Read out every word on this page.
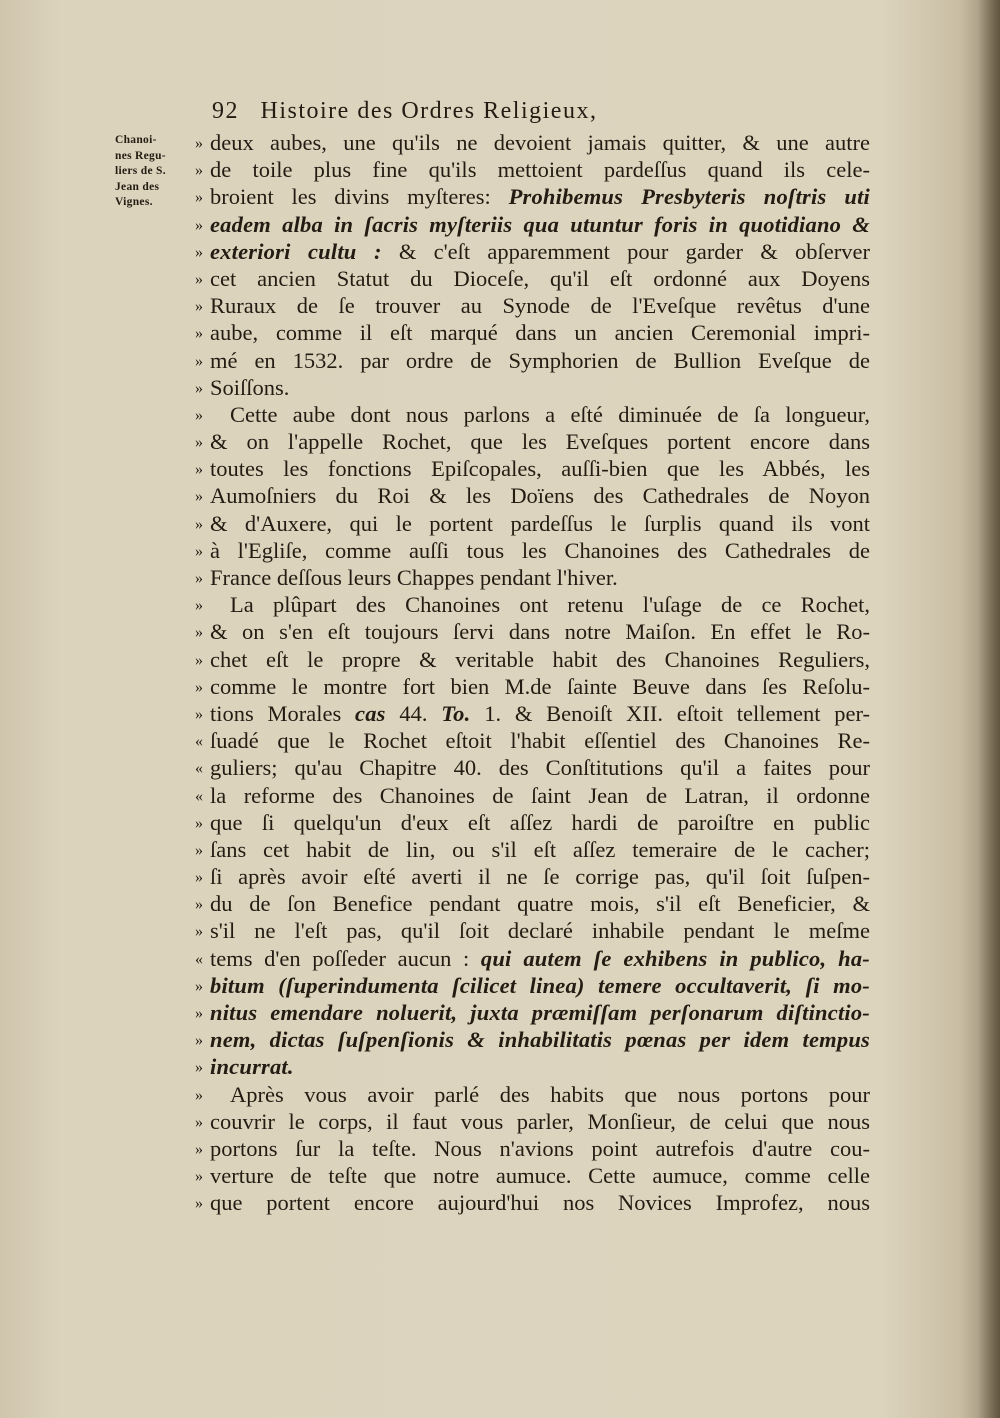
92 Histoire des Ordres Religieux,
Chanoi-
nes Regu-
liers de S.
Jean des
Vignes.
» deux aubes, une qu'ils ne devoient jamais quitter, & une autre
» de toile plus fine qu'ils mettoient pardeſſus quand ils cele-
» broient les divins myſteres: Prohibemus Presbyteris noſtris uti
» eadem alba in ſacris myſteriis qua utuntur foris in quotidiano &
» exteriori cultu : & c'eſt apparemment pour garder & obſerver
» cet ancien Statut du Dioceſe, qu'il eſt ordonné aux Doyens
» Ruraux de ſe trouver au Synode de l'Eveſque revêtus d'une
» aube, comme il eſt marqué dans un ancien Ceremonial impri-
» mé en 1532. par ordre de Symphorien de Bullion Eveſque de
» Soiſſons.
»	Cette aube dont nous parlons a eſté diminuée de ſa longueur,
» & on l'appelle Rochet, que les Eveſques portent encore dans
» toutes les fonctions Epiſcopales, auſſi-bien que les Abbés, les
» Aumoſniers du Roi & les Doïens des Cathedrales de Noyon
» & d'Auxere, qui le portent pardeſſus le ſurplis quand ils vont
» à l'Egliſe, comme auſſi tous les Chanoines des Cathedrales de
» France deſſous leurs Chappes pendant l'hiver.
»	La plûpart des Chanoines ont retenu l'uſage de ce Rochet,
» & on s'en eſt toujours ſervi dans notre Maiſon. En effet le Ro-
» chet eſt le propre & veritable habit des Chanoines Reguliers,
» comme le montre fort bien M.de ſainte Beuve dans ſes Reſolu-
» tions Morales cas 44. To. 1. & Benoiſt XII. eſtoit tellement per-
« ſuadé que le Rochet eſtoit l'habit eſſentiel des Chanoines Re-
« guliers; qu'au Chapitre 40. des Conſtitutions qu'il a faites pour
« la reforme des Chanoines de ſaint Jean de Latran, il ordonne
» que ſi quelqu'un d'eux eſt aſſez hardi de paroiſtre en public
» ſans cet habit de lin, ou s'il eſt aſſez temeraire de le cacher;
» ſi après avoir eſté averti il ne ſe corrige pas, qu'il ſoit ſuſpen-
» du de ſon Benefice pendant quatre mois, s'il eſt Beneficier, &
» s'il ne l'eſt pas, qu'il ſoit declaré inhabile pendant le meſme
« tems d'en poſſeder aucun : qui autem ſe exhibens in publico, ha-
» bitum (ſuperindumenta ſcilicet linea) temere occultaverit, ſi mo-
» nitus emendare noluerit, juxta præmiſſam perſonarum diſtinctio-
» nem, dictas ſuſpenſionis & inhabilitatis pœnas per idem tempus
» incurrat.
»	Après vous avoir parlé des habits que nous portons pour
» couvrir le corps, il faut vous parler, Monſieur, de celui que nous
» portons ſur la teſte. Nous n'avions point autrefois d'autre cou-
» verture de teſte que notre aumuce. Cette aumuce, comme celle
» que portent encore aujourd'hui nos Novices Improfez, nous
